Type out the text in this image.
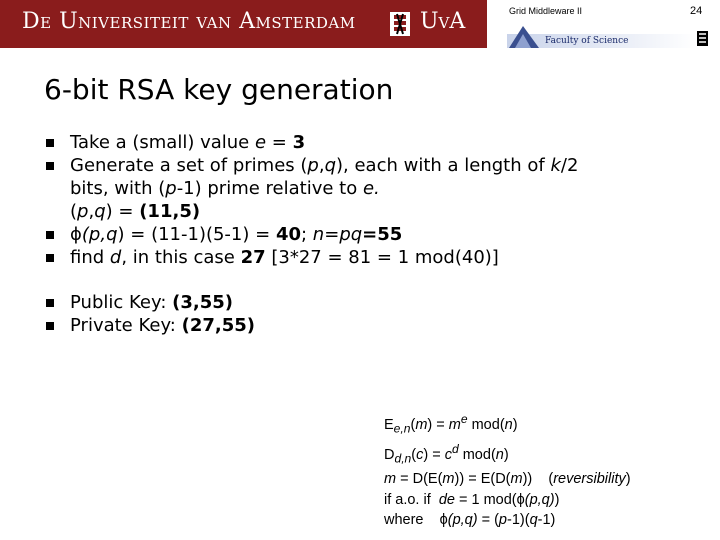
De Universiteit van Amsterdam	UvA	Grid Middleware II	24
Faculty of Science
6-bit RSA key generation
Take a (small) value e = 3
Generate a set of primes (p,q), each with a length of k/2
bits, with (p-1) prime relative to e.
(p,q) = (11,5)
ϕ(p,q) = (11-1)(5-1) = 40; n=pq=55
find d, in this case 27 [3*27 = 81 = 1 mod(40)]
Public Key: (3,55)
Private Key: (27,55)
$E_{e,n}(m) = m^e$ mod(n)
$D_{d,n}(c) = c^d$ mod(n)
m = D(E(m)) = E(D(m))    (reversibility)
if a.o. if  de = 1 mod(ϕ(p,q))
where    ϕ(p,q) = (p-1)(q-1)
